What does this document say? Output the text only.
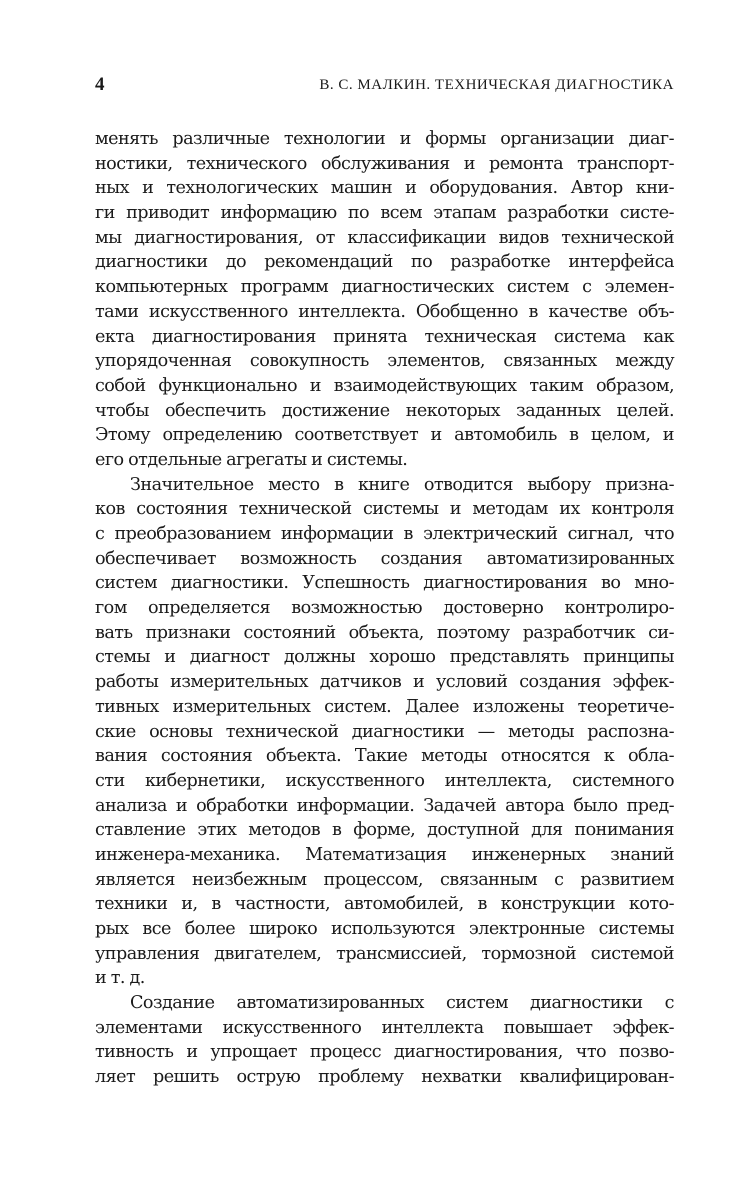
4	В. С. МАЛКИН. ТЕХНИЧЕСКАЯ ДИАГНОСТИКА

менять различные технологии и формы организации диаг-
ностики, технического обслуживания и ремонта транспорт-
ных и технологических машин и оборудования. Автор кни-
ги приводит информацию по всем этапам разработки систе-
мы диагностирования, от классификации видов технической
диагностики до рекомендаций по разработке интерфейса
компьютерных программ диагностических систем с элемен-
тами искусственного интеллекта. Обобщенно в качестве объ-
екта диагностирования принята техническая система как
упорядоченная совокупность элементов, связанных между
собой функционально и взаимодействующих таким образом,
чтобы обеспечить достижение некоторых заданных целей.
Этому определению соответствует и автомобиль в целом, и
его отдельные агрегаты и системы.

Значительное место в книге отводится выбору призна-
ков состояния технической системы и методам их контроля
с преобразованием информации в электрический сигнал, что
обеспечивает возможность создания автоматизированных
систем диагностики. Успешность диагностирования во мно-
гом определяется возможностью достоверно контролиро-
вать признаки состояний объекта, поэтому разработчик си-
стемы и диагност должны хорошо представлять принципы
работы измерительных датчиков и условий создания эффек-
тивных измерительных систем. Далее изложены теоретиче-
ские основы технической диагностики — методы распозна-
вания состояния объекта. Такие методы относятся к обла-
сти кибернетики, искусственного интеллекта, системного
анализа и обработки информации. Задачей автора было пред-
ставление этих методов в форме, доступной для понимания
инженера-механика. Математизация инженерных знаний
является неизбежным процессом, связанным с развитием
техники и, в частности, автомобилей, в конструкции кото-
рых все более широко используются электронные системы
управления двигателем, трансмиссией, тормозной системой
и т. д.

Создание автоматизированных систем диагностики с
элементами искусственного интеллекта повышает эффек-
тивность и упрощает процесс диагностирования, что позво-
ляет решить острую проблему нехватки квалифицирован-
